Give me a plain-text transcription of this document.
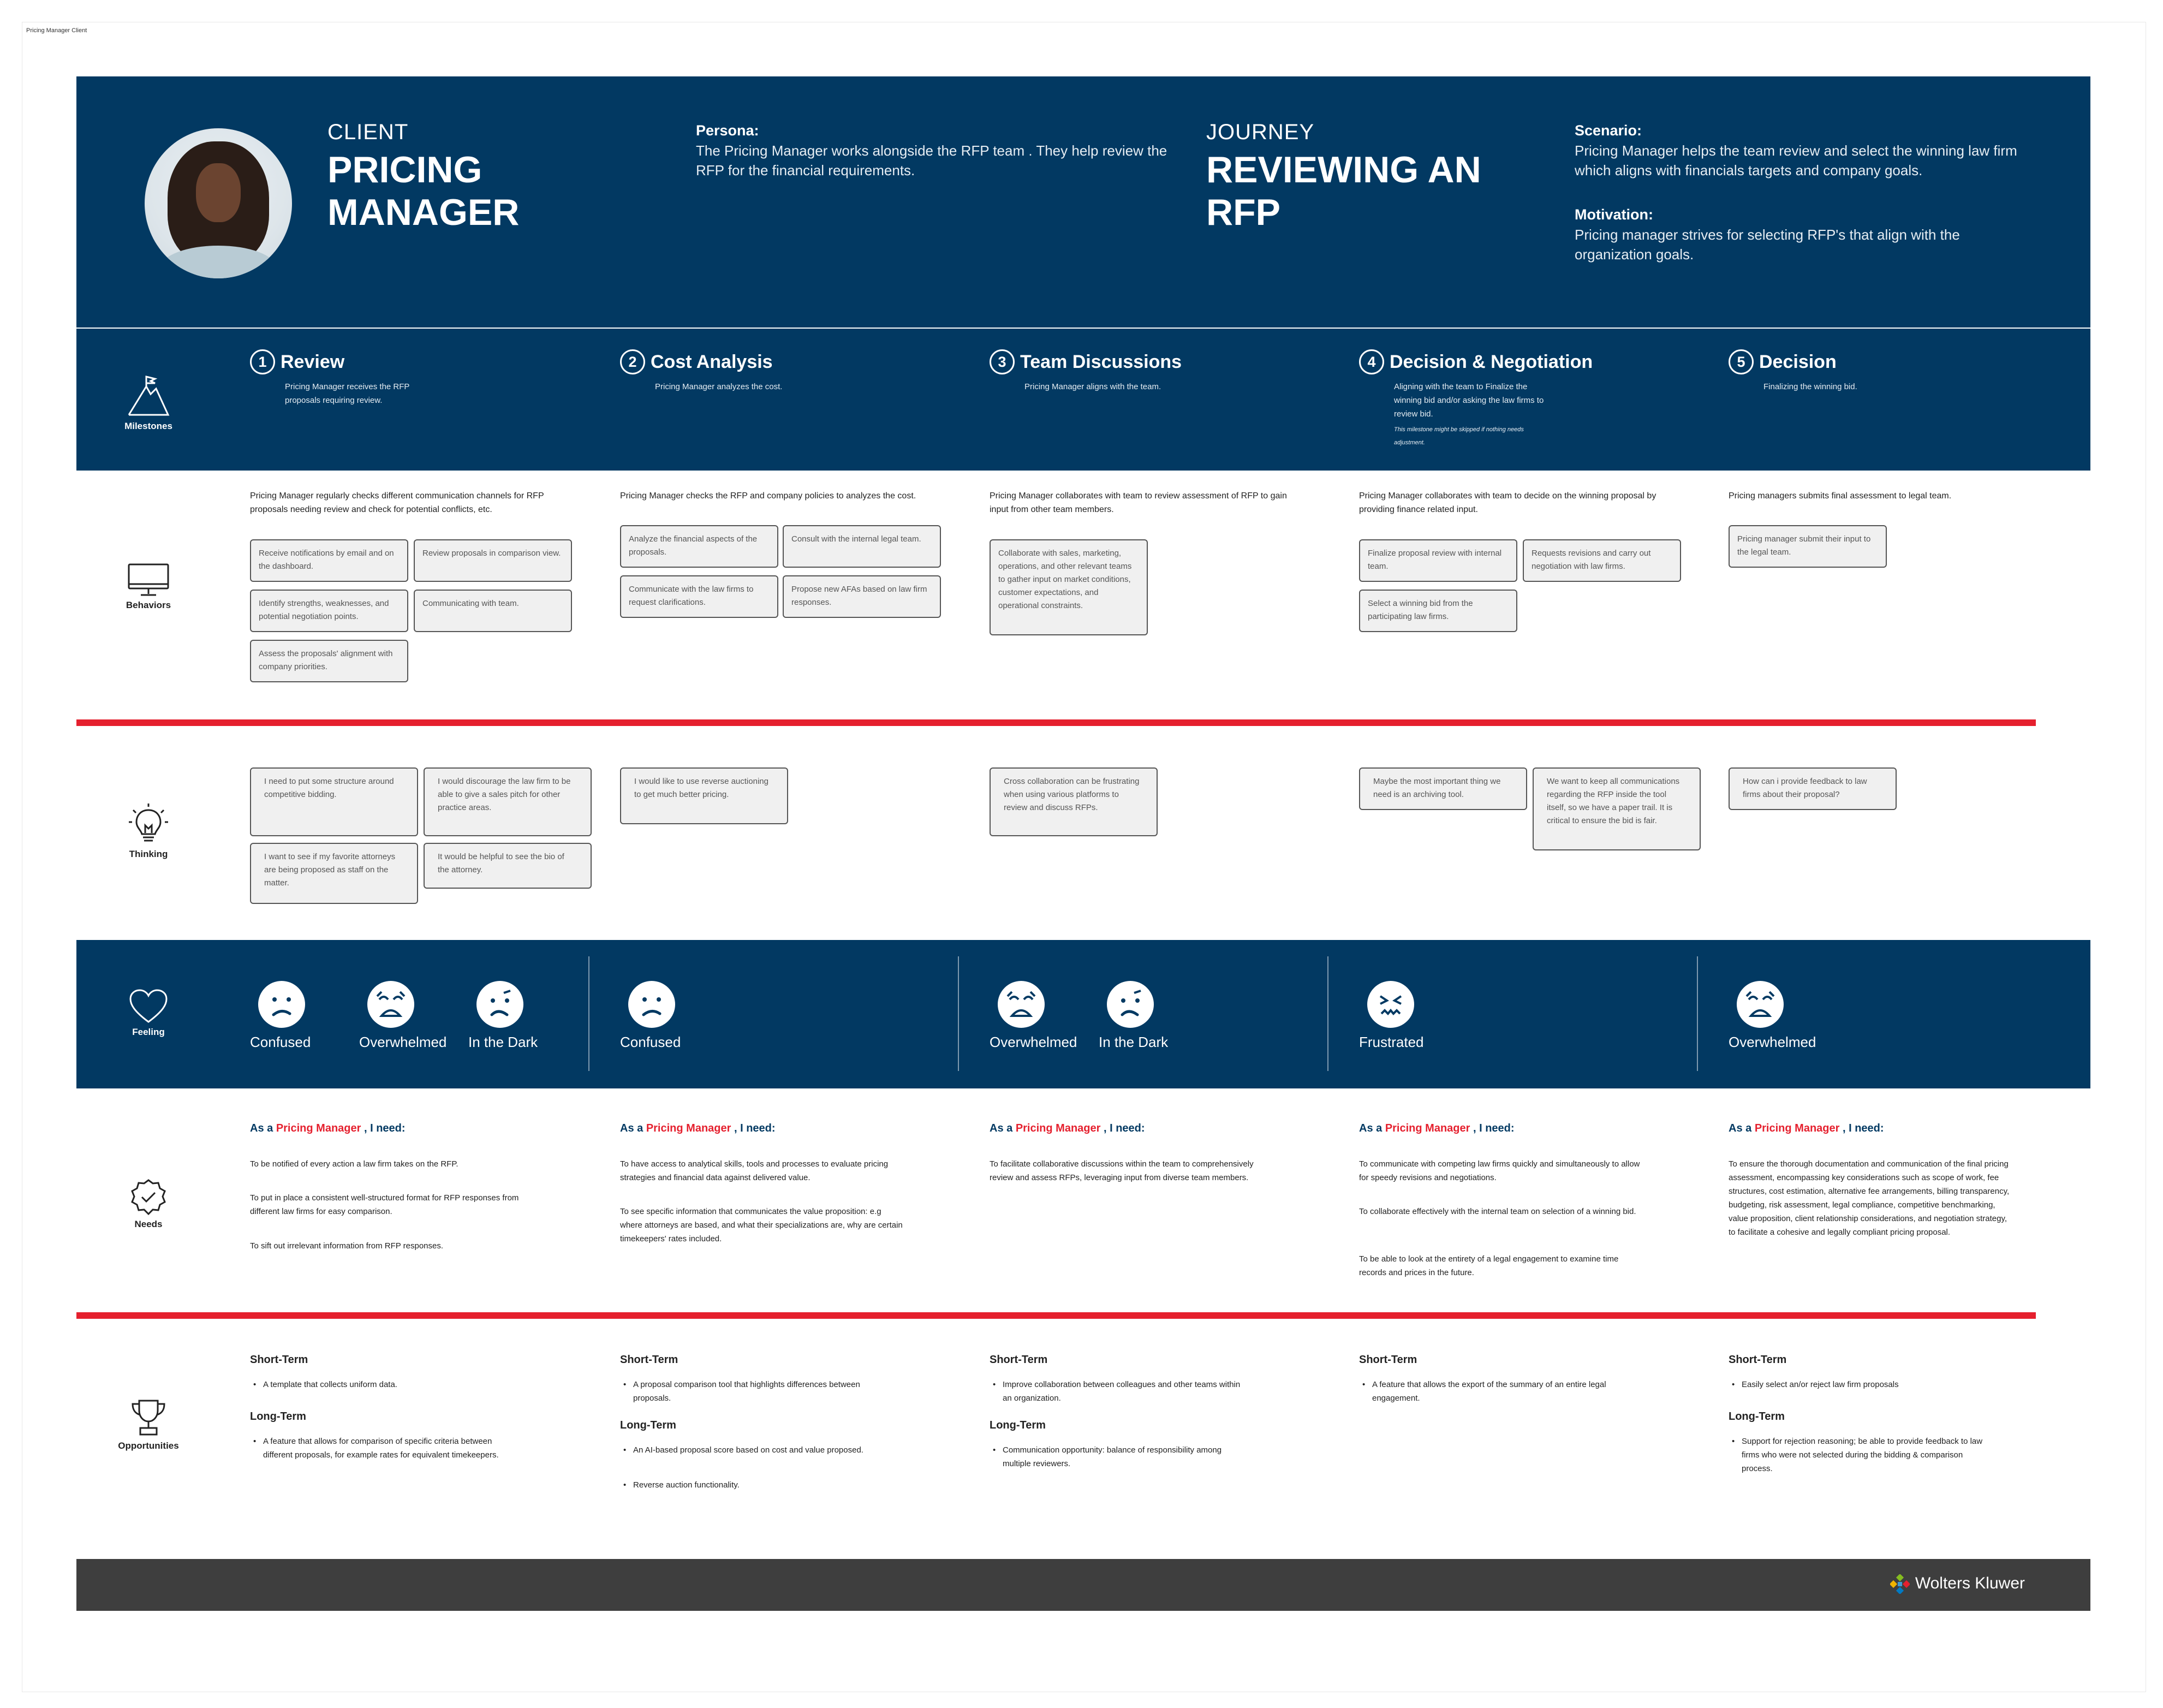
Pricing Manager Client
CLIENT
PRICING MANAGER
Persona:
The Pricing Manager works alongside the RFP team . They help review the RFP for the financial requirements.
JOURNEY
REVIEWING AN RFP
Scenario:
Pricing Manager helps the team review and select the winning law firm which aligns with financials targets and company goals.
Motivation:
Pricing manager strives for selecting RFP's that align with the organization goals.
Milestones
1 Review
Pricing Manager receives the RFP proposals requiring review.
2 Cost Analysis
Pricing Manager analyzes the cost.
3 Team Discussions
Pricing Manager aligns with the team.
4 Decision & Negotiation
Aligning with the team to Finalize the winning bid and/or asking the law firms to review bid.
This milestone might be skipped if nothing needs adjustment.
5 Decision
Finalizing the winning bid.
Behaviors
Pricing Manager regularly checks different communication channels for RFP proposals needing review and check for potential conflicts, etc.
Receive notifications by email and on the dashboard.
Review proposals in comparison view.
Identify strengths, weaknesses, and potential negotiation points.
Communicating with team.
Assess the proposals' alignment with company priorities.
Pricing Manager checks the RFP and company policies to analyzes the cost.
Analyze the financial aspects of the proposals.
Consult with the internal legal team.
Communicate with the law firms to request clarifications.
Propose new AFAs based on law firm responses.
Pricing Manager collaborates with team to review assessment of RFP to gain input from other team members.
Collaborate with sales, marketing, operations, and other relevant teams to gather input on market conditions, customer expectations, and operational constraints.
Pricing Manager collaborates with team to decide on the winning proposal by providing finance related input.
Finalize proposal review with internal team.
Requests revisions and carry out negotiation with law firms.
Select a winning bid from the participating law firms.
Pricing managers submits final assessment to legal team.
Pricing manager submit their input to the legal team.
Thinking
I need to put some structure around competitive bidding.
I would discourage the law firm to be able to give a sales pitch for other practice areas.
I want to see if my favorite attorneys are being proposed as staff on the matter.
It would be helpful to see the bio of the attorney.
I would like to use reverse auctioning to get much better pricing.
Cross collaboration can be frustrating when using various platforms to review and discuss RFPs.
Maybe the most important thing we need is an archiving tool.
We want to keep all communications regarding the RFP inside the tool itself, so we have a paper trail. It is critical to ensure the bid is fair.
How can i provide feedback to law firms about their proposal?
Feeling
Confused	Overwhelmed In the Dark	Confused	Overwhelmed In the Dark	Frustrated	Overwhelmed
Needs
As a Pricing Manager , I need:
To be notified of every action a law firm takes on the RFP.
To put in place a consistent well-structured format for RFP responses from different law firms for easy comparison.
To sift out irrelevant information from RFP responses.
As a Pricing Manager , I need:
To have access to analytical skills, tools and processes to evaluate pricing strategies and financial data against delivered value.
To see specific information that communicates the value proposition: e.g where attorneys are based, and what their specializations are, why are certain timekeepers' rates included.
As a Pricing Manager , I need:
To facilitate collaborative discussions within the team to comprehensively review and assess RFPs, leveraging input from diverse team members.
As a Pricing Manager , I need:
To communicate with competing law firms quickly and simultaneously to allow for speedy revisions and negotiations.
To collaborate effectively with the internal team on selection of a winning bid.
To be able to look at the entirety of a legal engagement to examine time records and prices in the future.
As a Pricing Manager , I need:
To ensure the thorough documentation and communication of the final pricing assessment, encompassing key considerations such as scope of work, fee structures, cost estimation, alternative fee arrangements, billing transparency, budgeting, risk assessment, legal compliance, competitive benchmarking, value proposition, client relationship considerations, and negotiation strategy, to facilitate a cohesive and legally compliant pricing proposal.
Opportunities
Short-Term
• A template that collects uniform data.
Long-Term
• A feature that allows for comparison of specific criteria between different proposals, for example rates for equivalent timekeepers.
Short-Term
• A proposal comparison tool that highlights differences between proposals.
Long-Term
• An AI-based proposal score based on cost and value proposed.
• Reverse auction functionality.
Short-Term
• Improve collaboration between colleagues and other teams within an organization.
Long-Term
• Communication opportunity: balance of responsibility among multiple reviewers.
Short-Term
• A feature that allows the export of the summary of an entire legal engagement.
Short-Term
• Easily select an/or reject law firm proposals
Long-Term
• Support for rejection reasoning; be able to provide feedback to law firms who were not selected during the bidding & comparison process.
Wolters Kluwer
